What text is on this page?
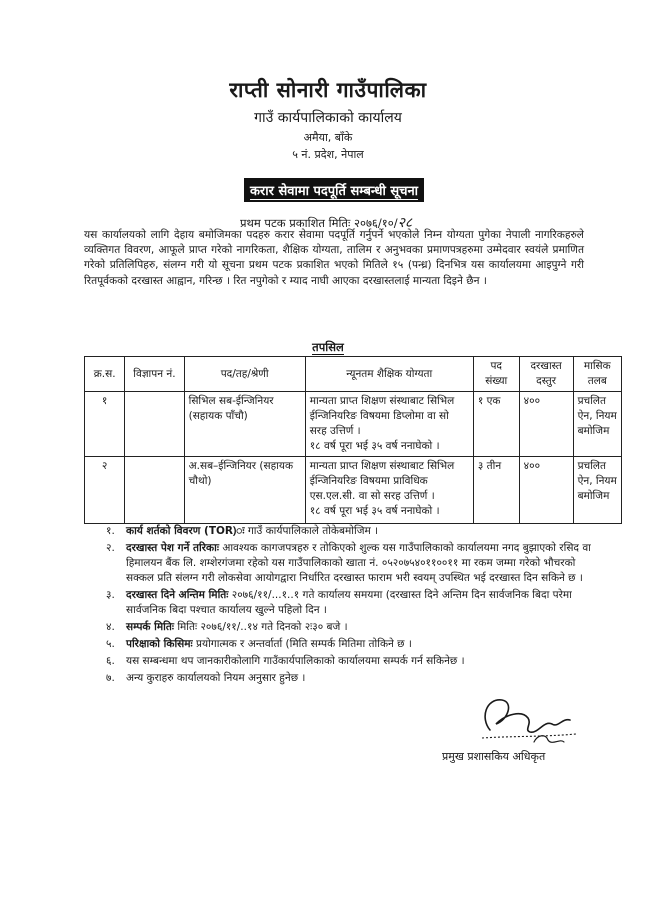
राप्ती सोनारी गाउँपालिका
गाउँ कार्यपालिकाको कार्यालय
अमैया, बाँके
५ नं. प्रदेश, नेपाल
करार सेवामा पदपूर्ति सम्बन्धी सूचना
प्रथम पटक प्रकाशित मितिः २०७६/१०/२८
यस कार्यालयको लागि देहाय बमोजिमका पदहरु करार सेवामा पदपूर्ति गर्नुपर्ने भएकोले निम्न योग्यता पुगेका नेपाली नागरिकहरुले व्यक्तिगत विवरण, आफूले प्राप्त गरेको नागरिकता, शैक्षिक योग्यता, तालिम र अनुभवका प्रमाणपत्रहरुमा उम्मेदवार स्वयंले प्रमाणित गरेको प्रतिलिपिहरु, संलग्न गरी यो सूचना प्रथम पटक प्रकाशित भएको मितिले १५ (पन्ध्र) दिनभित्र यस कार्यालयमा आइपुग्ने गरी रितपूर्वकको दरखास्त आह्वान, गरिन्छ । रित नपुगेको र म्याद नाघी आएका दरखास्तलाई मान्यता दिइने छैन ।
तपसिल
क्र.स.	विज्ञापन नं.	पद/तह/श्रेणी	न्यूनतम शैक्षिक योग्यता	पद संख्या	दरखास्त दस्तुर	मासिक तलब
१		सिभिल सब-ईन्जिनियर (सहायक पाँचौ)	मान्यता प्राप्त शिक्षण संस्थाबाट सिभिल ईन्जिनियरिङ विषयमा डिप्लोमा वा सो सरह उत्तिर्ण ।
१८ वर्ष पूरा भई ३५ वर्ष ननाघेको ।	१ एक	४००	प्रचलित ऐन, नियम बमोजिम
२		अ.सब–ईन्जिनियर (सहायक चौथो)	मान्यता प्राप्त शिक्षण संस्थाबाट सिभिल ईन्जिनियरिङ विषयमा प्राविधिक एस.एल.सी. वा सो सरह उत्तिर्ण ।
१८ वर्ष पूरा भई ३५ वर्ष ननाघेको ।	३ तीन	४००	प्रचलित ऐन, नियम बमोजिम
१. कार्य शर्तको विवरण (TOR)ः गाउँ कार्यपालिकाले तोकेबमोजिम ।
२. दरखास्त पेश गर्ने तरिकाः आवश्यक कागजपत्रहरु र तोकिएको शुल्क यस गाउँपालिकाको कार्यालयमा नगद बुझाएको रसिद वा हिमालयन बैंक लि. शम्शेरगंजमा रहेको यस गाउँपालिकाको खाता नं. ०५२०७५४०११००११ मा रकम जम्मा गरेको भौचरको सक्कल प्रति संलग्न गरी लोकसेवा आयोगद्वारा निर्धारित दरखास्त फाराम भरी स्वयम् उपस्थित भई दरखास्त दिन सकिने छ ।
३. दरखास्त दिने अन्तिम मितिः २०७६/११/...१..१ गते कार्यालय समयमा (दरखास्त दिने अन्तिम दिन सार्वजनिक बिदा परेमा सार्वजनिक बिदा पश्चात कार्यालय खुल्ने पहिलो दिन ।
४. सम्पर्क मितिः मितिः २०७६/११/..१४ गते दिनको २ः३० बजे ।
५. परिक्षाको किसिमः प्रयोगात्मक र अन्तर्वार्ता (मिति सम्पर्क मितिमा तोकिने छ ।
६. यस सम्बन्धमा थप जानकारीकोलागि गाउँकार्यपालिकाको कार्यालयमा सम्पर्क गर्न सकिनेछ ।
७. अन्य कुराहरु कार्यालयको नियम अनुसार हुनेछ ।
प्रमुख प्रशासकिय अधिकृत
